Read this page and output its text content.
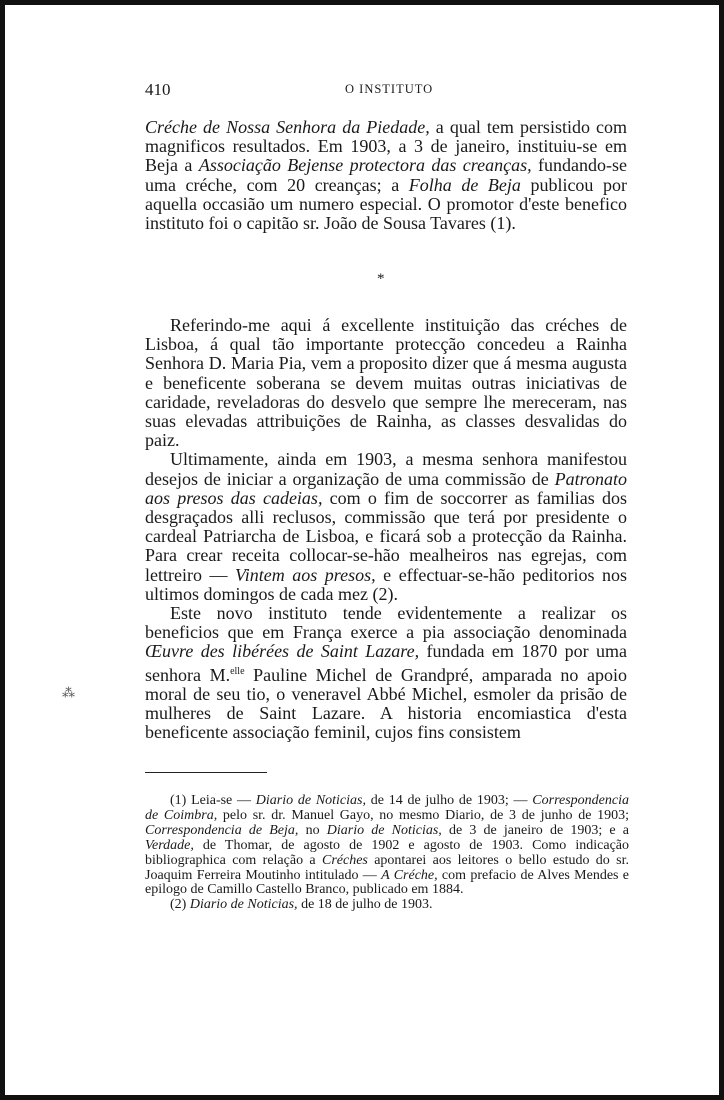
410	O INSTITUTO

Créche de Nossa Senhora da Piedade, a qual tem persistido com magnificos resultados. Em 1903, a 3 de janeiro, instituiu-se em Beja a Associação Bejense protectora das creanças, fundando-se uma créche, com 20 creanças; a Folha de Beja publicou por aquella occasião um numero especial. O promotor d'este benefico instituto foi o capitão sr. João de Sousa Tavares (1).

*

Referindo-me aqui á excellente instituição das créches de Lisboa, á qual tão importante protecção concedeu a Rainha Senhora D. Maria Pia, vem a proposito dizer que á mesma augusta e beneficente soberana se devem muitas outras iniciativas de caridade, reveladoras do desvelo que sempre lhe mereceram, nas suas elevadas attribuições de Rainha, as classes desvalidas do paiz.

Ultimamente, ainda em 1903, a mesma senhora manifestou desejos de iniciar a organização de uma commissão de Patronato aos presos das cadeias, com o fim de soccorrer as familias dos desgraçados alli reclusos, commissão que terá por presidente o cardeal Patriarcha de Lisboa, e ficará sob a protecção da Rainha. Para crear receita collocar-se-hão mealheiros nas egrejas, com lettreiro — Vintem aos presos, e effectuar-se-hão peditorios nos ultimos domingos de cada mez (2).

Este novo instituto tende evidentemente a realizar os beneficios que em França exerce a pia associação denominada Œuvre des libérées de Saint Lazare, fundada em 1870 por uma senhora M.$^{elle}$ Pauline Michel de Grandpré, amparada no apoio moral de seu tio, o veneravel Abbé Michel, esmoler da prisão de mulheres de Saint Lazare. A historia encomiastica d'esta beneficente associação feminil, cujos fins consistem

(1) Leia-se — Diario de Noticias, de 14 de julho de 1903; — Correspondencia de Coimbra, pelo sr. dr. Manuel Gayo, no mesmo Diario, de 3 de junho de 1903; Correspondencia de Beja, no Diario de Noticias, de 3 de janeiro de 1903; e a Verdade, de Thomar, de agosto de 1902 e agosto de 1903. Como indicação bibliographica com relação a Créches apontarei aos leitores o bello estudo do sr. Joaquim Ferreira Moutinho intitulado — A Créche, com prefacio de Alves Mendes e epilogo de Camillo Castello Branco, publicado em 1884.

(2) Diario de Noticias, de 18 de julho de 1903.

⁂
